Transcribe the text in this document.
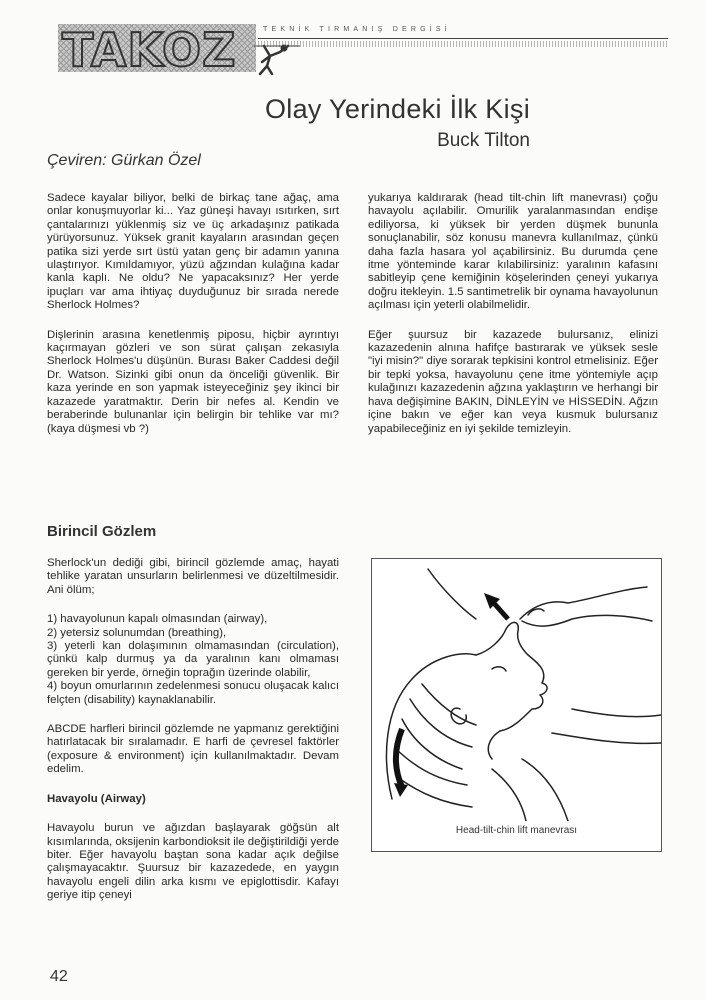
TAKOZ	TEKNİK TIRMANIŞ DERGİSİ
Olay Yerindeki İlk Kişi
Buck Tilton
Çeviren: Gürkan Özel

Sadece kayalar biliyor, belki de birkaç tane ağaç, ama onlar konuşmuyorlar ki... Yaz güneşi havayı ısıtırken, sırt çantalarınızı yüklenmiş siz ve üç arkadaşınız patikada yürüyorsunuz. Yüksek granit kayaların arasından geçen patika sizi yerde sırt üstü yatan genç bir adamın yanına ulaştırıyor. Kımıldamıyor, yüzü ağzından kulağına kadar kanla kaplı. Ne oldu? Ne yapacaksınız? Her yerde ipuçları var ama ihtiyaç duyduğunuz bir sırada nerede Sherlock Holmes?

Dişlerinin arasına kenetlenmiş piposu, hiçbir ayrıntıyı kaçırmayan gözleri ve son sürat çalışan zekasıyla Sherlock Holmes'u düşünün. Burası Baker Caddesi değil Dr. Watson. Sizinki gibi onun da önceliği güvenlik. Bir kaza yerinde en son yapmak isteyeceğiniz şey ikinci bir kazazede yaratmaktır. Derin bir nefes al. Kendin ve beraberinde bulunanlar için belirgin bir tehlike var mı? (kaya düşmesi vb ?)

yukarıya kaldırarak (head tilt-chin lift manevrası) çoğu havayolu açılabilir. Omurilik yaralanmasından endişe ediliyorsa, ki yüksek bir yerden düşmek bununla sonuçlanabilir, söz konusu manevra kullanılmaz, çünkü daha fazla hasara yol açabilirsiniz. Bu durumda çene itme yönteminde karar kılabilirsiniz: yaralının kafasını sabitleyip çene kemiğinin köşelerinden çeneyi yukarıya doğru itekleyin. 1.5 santimetrelik bir oynama havayolunun açılması için yeterli olabilmelidir.

Eğer şuursuz bir kazazede bulursanız, elinizi kazazedenin alnına hafifçe bastırarak ve yüksek sesle "iyi misin?" diye sorarak tepkisini kontrol etmelisiniz. Eğer bir tepki yoksa, havayolunu çene itme yöntemiyle açıp kulağınızı kazazedenin ağzına yaklaştırın ve herhangi bir hava değişimine BAKIN, DİNLEYİN ve HİSSEDİN. Ağzın içine bakın ve eğer kan veya kusmuk bulursanız yapabileceğiniz en iyi şekilde temizleyin.

Birincil Gözlem

Sherlock'un dediği gibi, birincil gözlemde amaç, hayati tehlike yaratan unsurların belirlenmesi ve düzeltilmesidir. Ani ölüm;

1) havayolunun kapalı olmasından (airway),
2) yetersiz solunumdan (breathing),
3) yeterli kan dolaşımının olmamasından (circulation), çünkü kalp durmuş ya da yaralının kanı olmaması gereken bir yerde, örneğin toprağın üzerinde olabilir,
4) boyun omurlarının zedelenmesi sonucu oluşacak kalıcı felçten (disability) kaynaklanabilir.

ABCDE harfleri birincil gözlemde ne yapmanız gerektiğini hatırlatacak bir sıralamadır. E harfi de çevresel faktörler (exposure & environment) için kullanılmaktadır. Devam edelim.

Havayolu (Airway)

Havayolu burun ve ağızdan başlayarak göğsün alt kısımlarında, oksijenin karbondioksit ile değiştirildiği yerde biter. Eğer havayolu baştan sona kadar açık değilse çalışmayacaktır. Şuursuz bir kazazedede, en yaygın havayolu engeli dilin arka kısmı ve epiglottisdir. Kafayı geriye itip çeneyi

Head-tilt-chin lift manevrası
42
